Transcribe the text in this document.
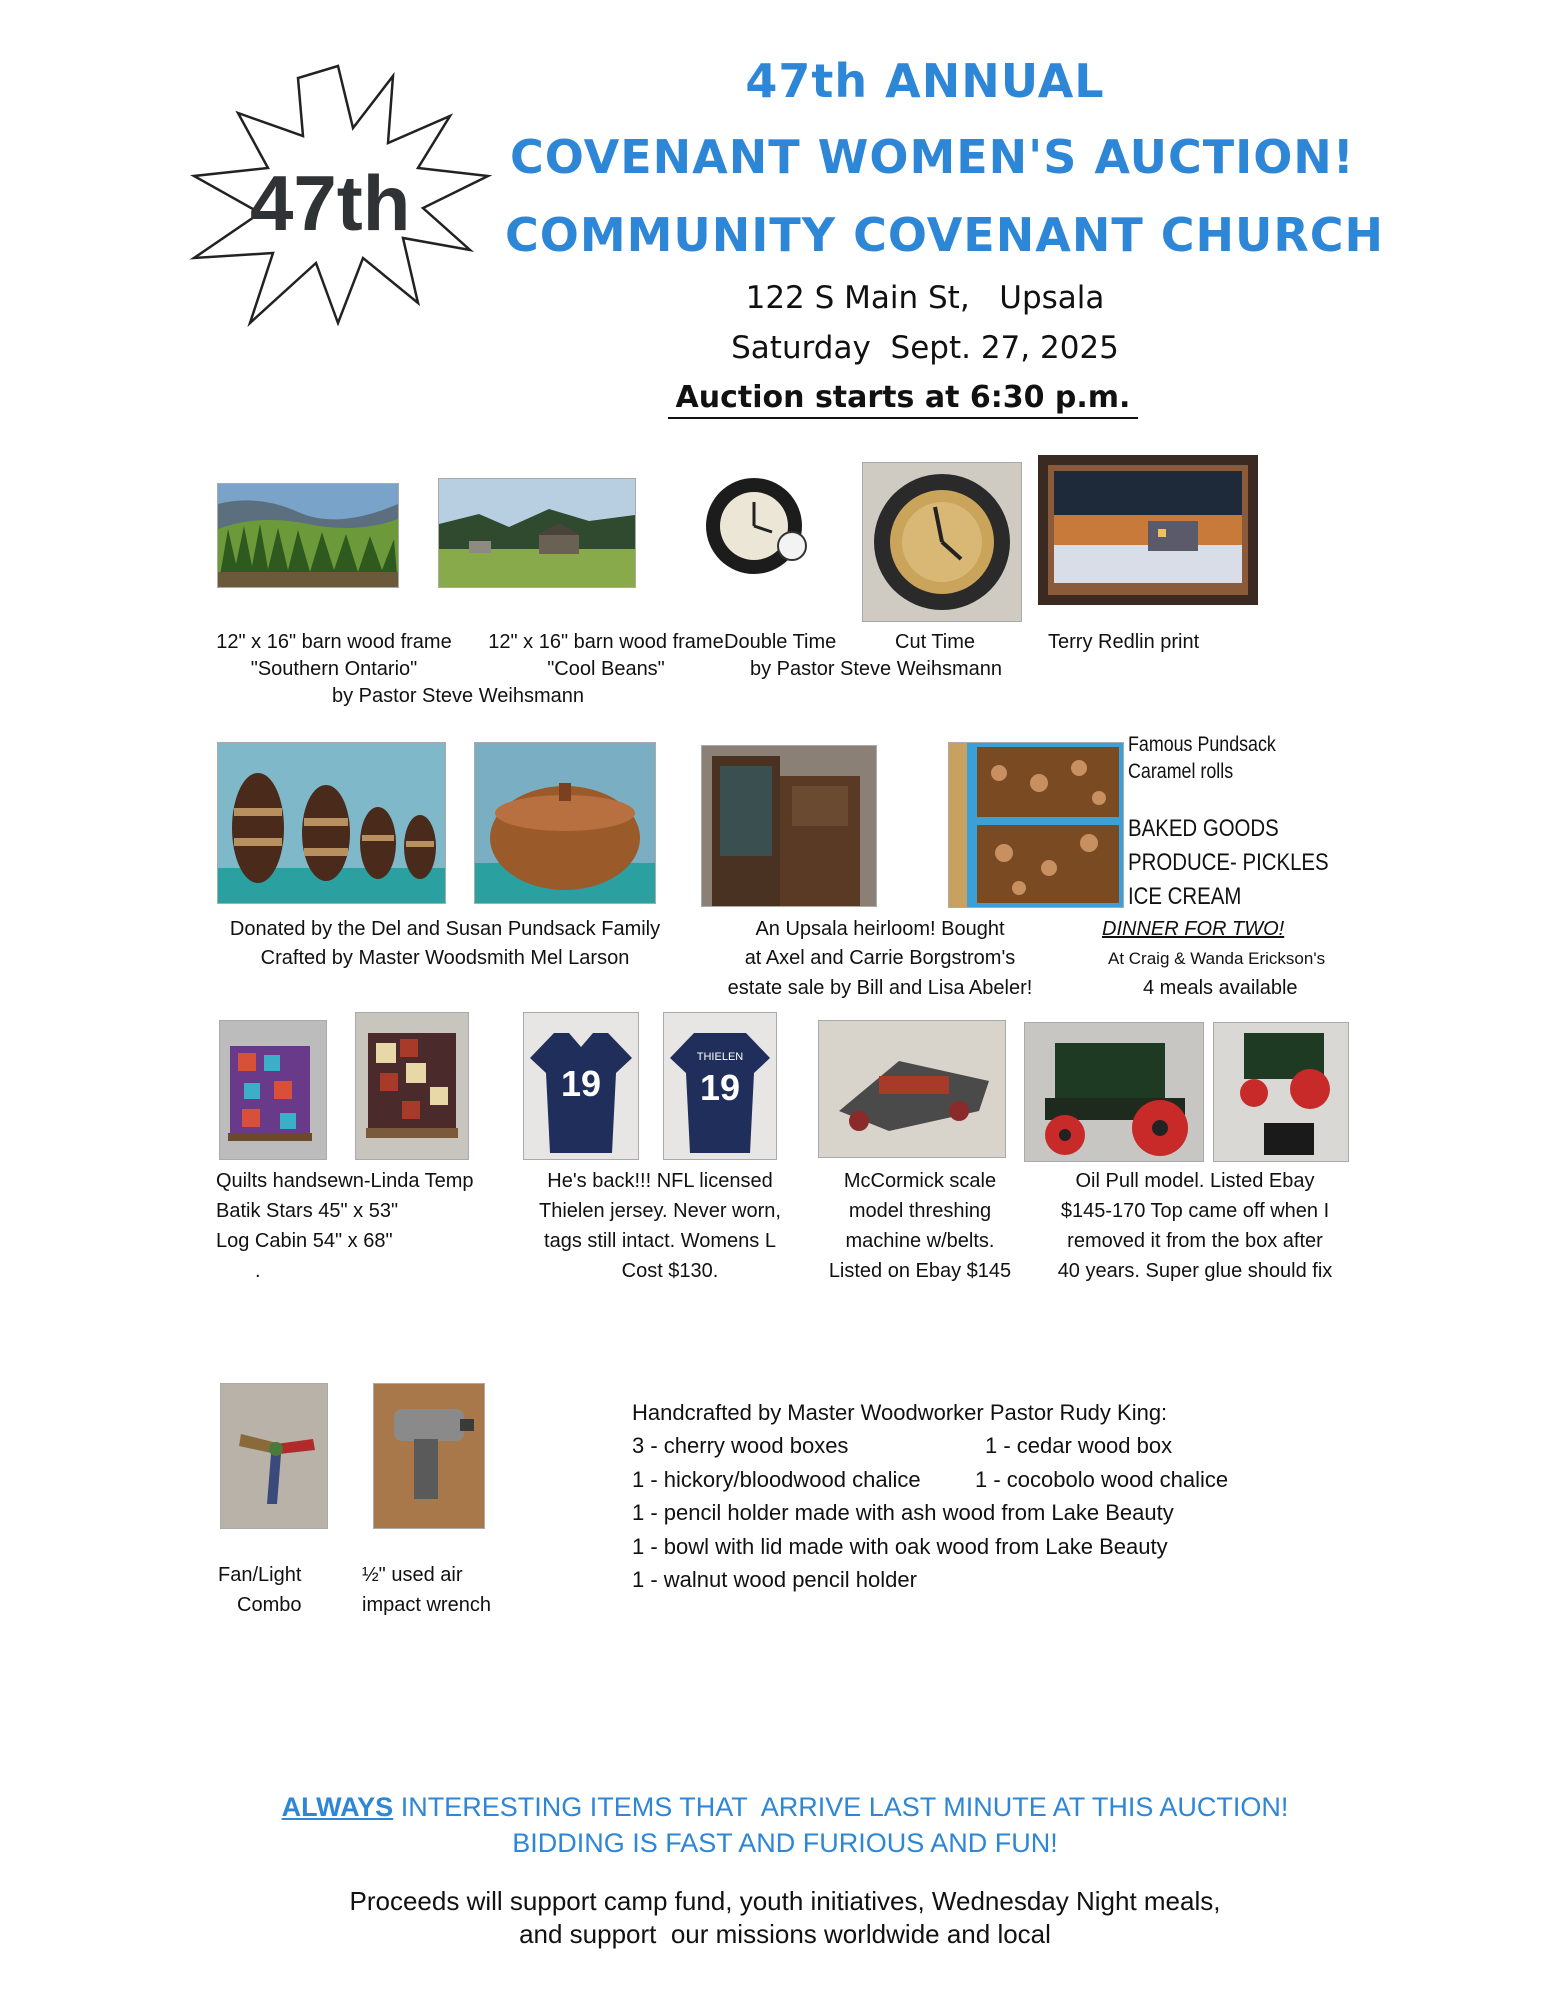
47th
47th ANNUAL
COVENANT WOMEN'S AUCTION!
COMMUNITY COVENANT CHURCH
122 S Main St,   Upsala
Saturday  Sept. 27, 2025
Auction starts at 6:30 p.m.
12" x 16" barn wood frame
"Southern Ontario"
12" x 16" barn wood frame
"Cool Beans"
by Pastor Steve Weihsmann
Double Time	Cut Time
by Pastor Steve Weihsmann
Terry Redlin print
Famous Pundsack
Caramel rolls
BAKED GOODS
PRODUCE- PICKLES
ICE CREAM
Donated by the Del and Susan Pundsack Family
Crafted by Master Woodsmith Mel Larson
An Upsala heirloom! Bought
at Axel and Carrie Borgstrom's
estate sale by Bill and Lisa Abeler!
DINNER FOR TWO!
At Craig & Wanda Erickson's
4 meals available
19
THIELEN
19
Quilts handsewn-Linda Temp
Batik Stars 45" x 53"
Log Cabin 54" x 68"
.
He's back!!! NFL licensed
Thielen jersey. Never worn,
tags still intact. Womens L
Cost $130.
McCormick scale
model threshing
machine w/belts.
Listed on Ebay $145
Oil Pull model. Listed Ebay
$145-170 Top came off when I
removed it from the box after
40 years. Super glue should fix
Fan/Light
Combo
½" used air
impact wrench
Handcrafted by Master Woodworker Pastor Rudy King:
3 - cherry wood boxes	1 - cedar wood box
1 - hickory/bloodwood chalice 1 - cocobolo wood chalice
1 - pencil holder made with ash wood from Lake Beauty
1 - bowl with lid made with oak wood from Lake Beauty
1 - walnut wood pencil holder
ALWAYS INTERESTING ITEMS THAT  ARRIVE LAST MINUTE AT THIS AUCTION!
BIDDING IS FAST AND FURIOUS AND FUN!
Proceeds will support camp fund, youth initiatives, Wednesday Night meals,
and support  our missions worldwide and local
